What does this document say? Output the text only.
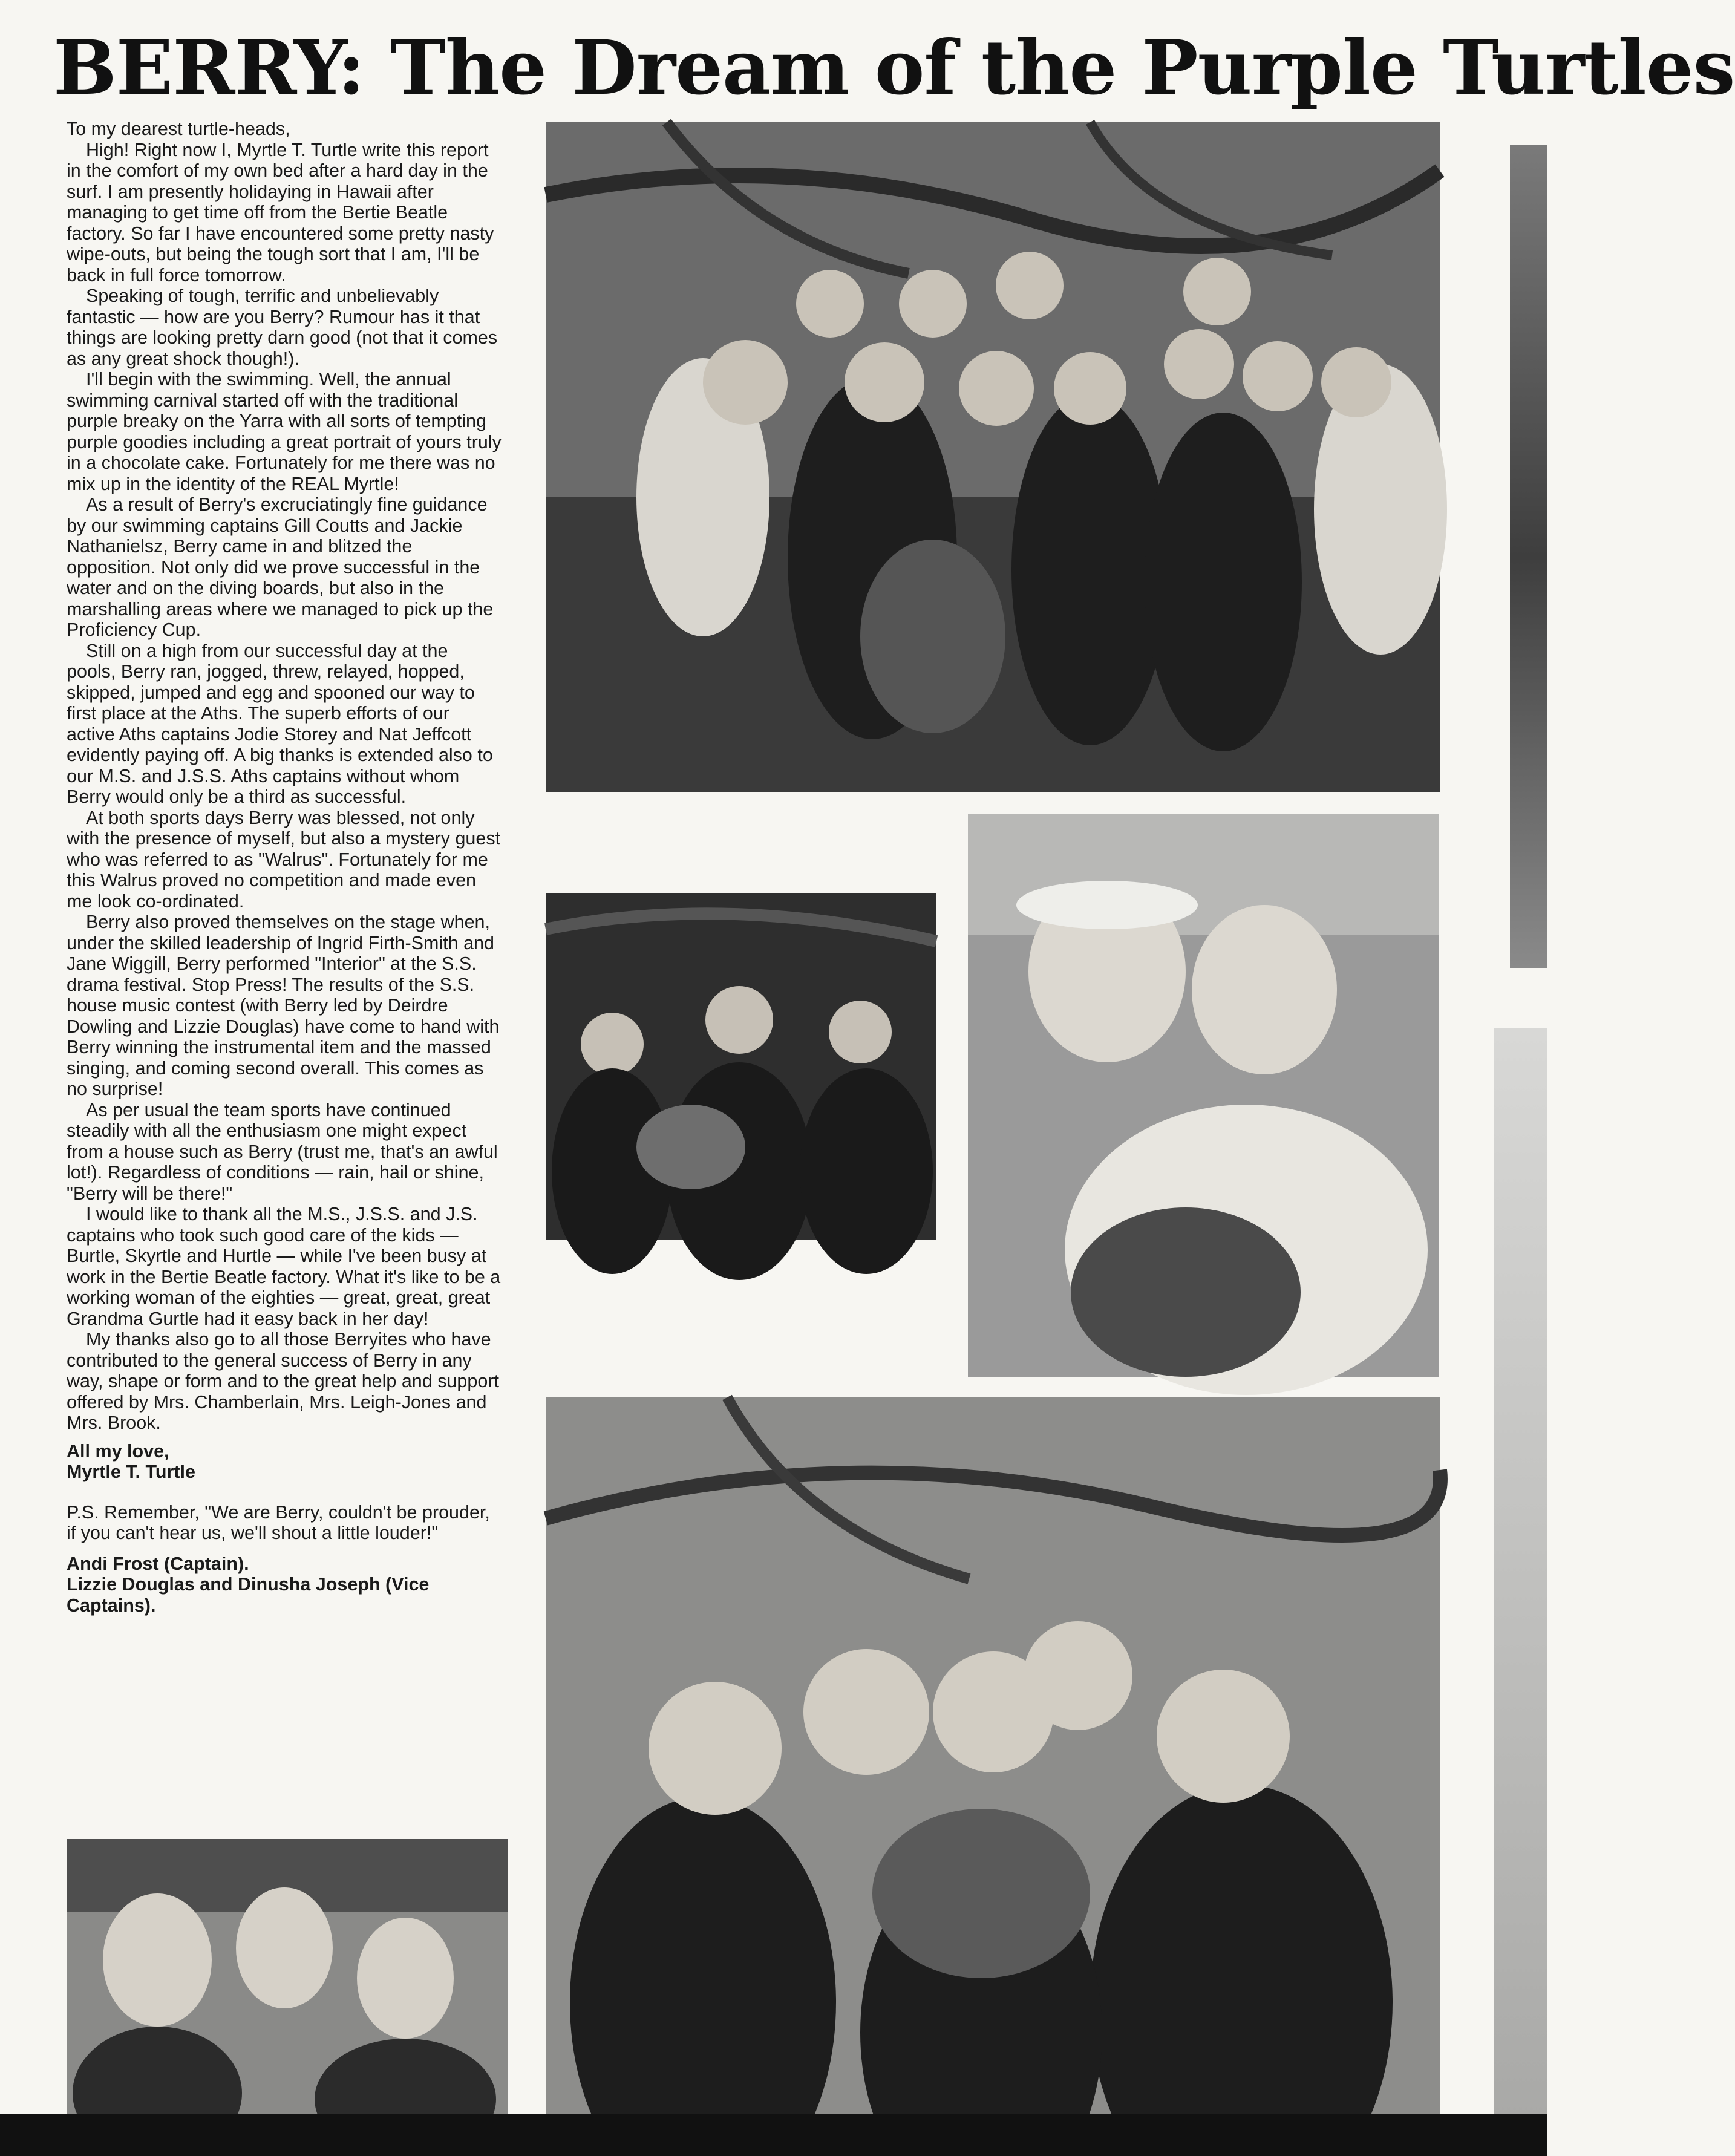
BERRY: The Dream of the Purple Turtles

To my dearest turtle-heads,

High! Right now I, Myrtle T. Turtle write this report in the comfort of my own bed after a hard day in the surf. I am presently holidaying in Hawaii after managing to get time off from the Bertie Beatle factory. So far I have encountered some pretty nasty wipe-outs, but being the tough sort that I am, I'll be back in full force tomorrow.

Speaking of tough, terrific and unbelievably fantastic — how are you Berry? Rumour has it that things are looking pretty darn good (not that it comes as any great shock though!).

I'll begin with the swimming. Well, the annual swimming carnival started off with the traditional purple breaky on the Yarra with all sorts of tempting purple goodies including a great portrait of yours truly in a chocolate cake. Fortunately for me there was no mix up in the identity of the REAL Myrtle!

As a result of Berry's excruciatingly fine guidance by our swimming captains Gill Coutts and Jackie Nathanielsz, Berry came in and blitzed the opposition. Not only did we prove successful in the water and on the diving boards, but also in the marshalling areas where we managed to pick up the Proficiency Cup.

Still on a high from our successful day at the pools, Berry ran, jogged, threw, relayed, hopped, skipped, jumped and egg and spooned our way to first place at the Aths. The superb efforts of our active Aths captains Jodie Storey and Nat Jeffcott evidently paying off. A big thanks is extended also to our M.S. and J.S.S. Aths captains without whom Berry would only be a third as successful.

At both sports days Berry was blessed, not only with the presence of myself, but also a mystery guest who was referred to as "Walrus". Fortunately for me this Walrus proved no competition and made even me look co-ordinated.

Berry also proved themselves on the stage when, under the skilled leadership of Ingrid Firth-Smith and Jane Wiggill, Berry performed "Interior" at the S.S. drama festival. Stop Press! The results of the S.S. house music contest (with Berry led by Deirdre Dowling and Lizzie Douglas) have come to hand with Berry winning the instrumental item and the massed singing, and coming second overall. This comes as no surprise!

As per usual the team sports have continued steadily with all the enthusiasm one might expect from a house such as Berry (trust me, that's an awful lot!). Regardless of conditions — rain, hail or shine, "Berry will be there!"

I would like to thank all the M.S., J.S.S. and J.S. captains who took such good care of the kids — Burtle, Skyrtle and Hurtle — while I've been busy at work in the Bertie Beatle factory. What it's like to be a working woman of the eighties — great, great, great Grandma Gurtle had it easy back in her day!

My thanks also go to all those Berryites who have contributed to the general success of Berry in any way, shape or form and to the great help and support offered by Mrs. Chamberlain, Mrs. Leigh-Jones and Mrs. Brook.

All my love,
Myrtle T. Turtle

P.S. Remember, "We are Berry, couldn't be prouder, if you can't hear us, we'll shout a little louder!"

Andi Frost (Captain).
Lizzie Douglas and Dinusha Joseph (Vice Captains).
